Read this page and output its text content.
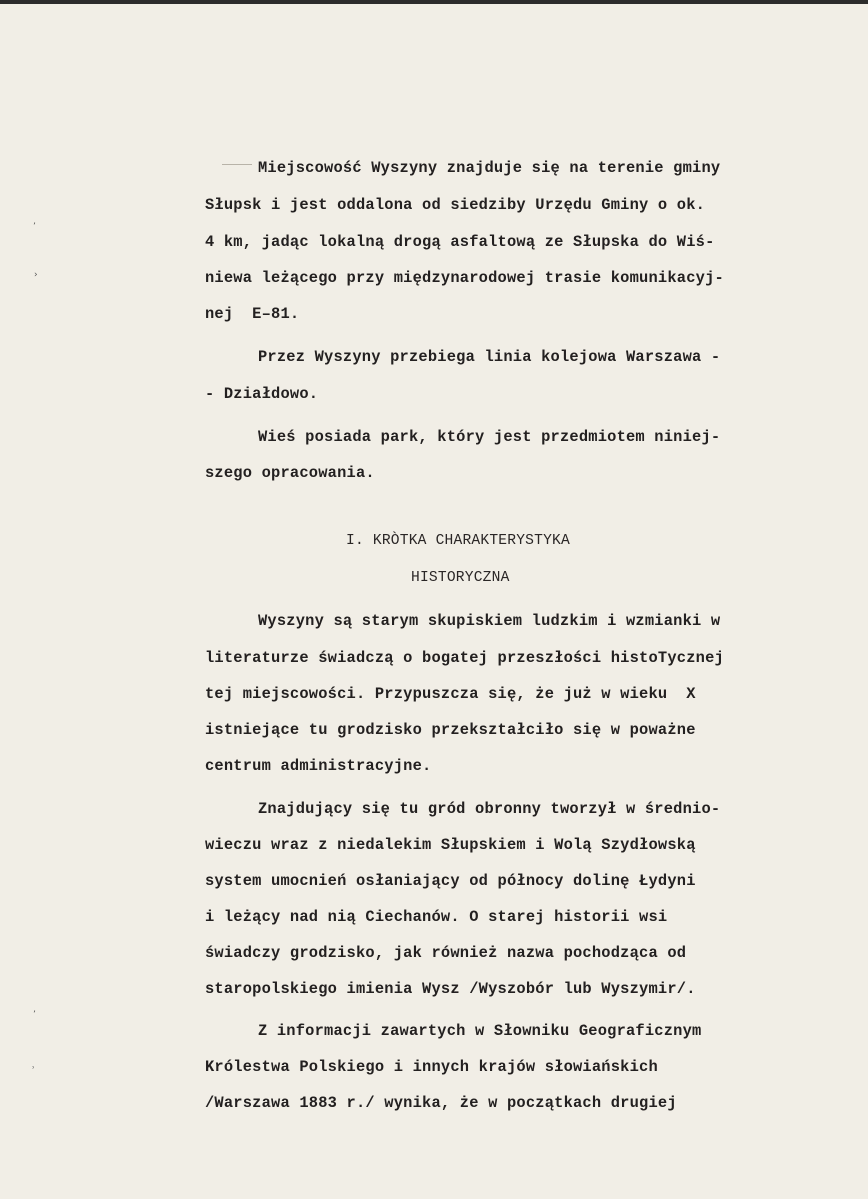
’
›
’
˒
Miejscowość Wyszyny znajduje się na terenie gminy
Słupsk i jest oddalona od siedziby Urzędu Gminy o ok.
4 km, jadąc lokalną drogą asfaltową ze Słupska do Wiś-
niewa leżącego przy międzynarodowej trasie komunikacyj-
nej  E–81.
Przez Wyszyny przebiega linia kolejowa Warszawa -
- Działdowo.
Wieś posiada park, który jest przedmiotem niniej-
szego opracowania.
I. KRÒTKA CHARAKTERYSTYKA
HISTORYCZNA
Wyszyny są starym skupiskiem ludzkim i wzmianki w
literaturze świadczą o bogatej przeszłości histoTycznej
tej miejscowości. Przypuszcza się, że już w wieku  X
istniejące tu grodzisko przekształciło się w poważne
centrum administracyjne.
Znajdujący się tu gród obronny tworzył w średnio-
wieczu wraz z niedalekim Słupskiem i Wolą Szydłowską
system umocnień osłaniający od północy dolinę Łydyni
i leżący nad nią Ciechanów. O starej historii wsi
świadczy grodzisko, jak również nazwa pochodząca od
staropolskiego imienia Wysz /Wyszobór lub Wyszymir/.
Z informacji zawartych w Słowniku Geograficznym
Królestwa Polskiego i innych krajów słowiańskich
/Warszawa 1883 r./ wynika, że w początkach drugiej
